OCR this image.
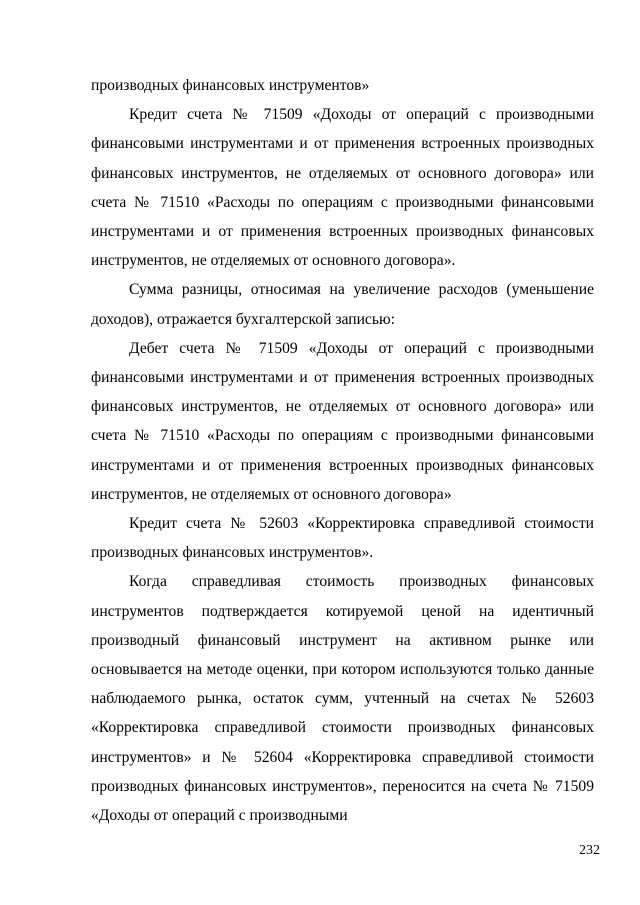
производных финансовых инструментов»

Кредит счета № 71509 «Доходы от операций с производными финансовыми инструментами и от применения встроенных производных финансовых инструментов, не отделяемых от основного договора» или счета № 71510 «Расходы по операциям с производными финансовыми инструментами и от применения встроенных производных финансовых инструментов, не отделяемых от основного договора».

Сумма разницы, относимая на увеличение расходов (уменьшение доходов), отражается бухгалтерской записью:

Дебет счета № 71509 «Доходы от операций с производными финансовыми инструментами и от применения встроенных производных финансовых инструментов, не отделяемых от основного договора» или счета № 71510 «Расходы по операциям с производными финансовыми инструментами и от применения встроенных производных финансовых инструментов, не отделяемых от основного договора»

Кредит счета № 52603 «Корректировка справедливой стоимости производных финансовых инструментов».

Когда справедливая стоимость производных финансовых инструментов подтверждается котируемой ценой на идентичный производный финансовый инструмент на активном рынке или основывается на методе оценки, при котором используются только данные наблюдаемого рынка, остаток сумм, учтенный на счетах № 52603 «Корректировка справедливой стоимости производных финансовых инструментов» и № 52604 «Корректировка справедливой стоимости производных финансовых инструментов», переносится на счета № 71509 «Доходы от операций с производными

232
